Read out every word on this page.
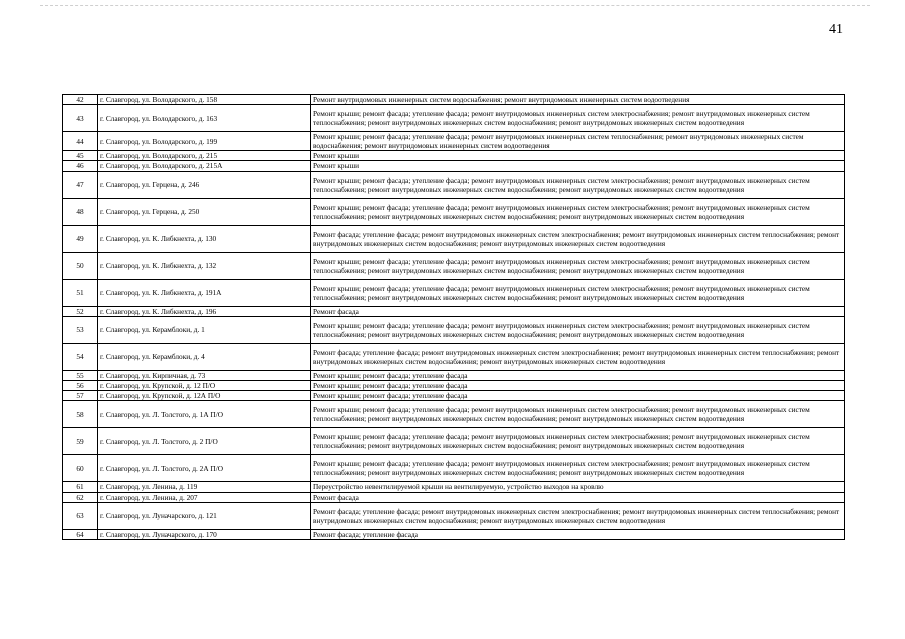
41
42	г. Славгород, ул. Володарского, д. 158	Ремонт внутридомовых инженерных систем водоснабжения; ремонт внутридомовых инженерных систем водоотведения
43	г. Славгород, ул. Володарского, д. 163	Ремонт крыши; ремонт фасада; утепление фасада; ремонт внутридомовых инженерных систем электроснабжения; ремонт внутридомовых инженерных систем теплоснабжения; ремонт внутридомовых инженерных систем водоснабжения; ремонт внутридомовых инженерных систем водоотведения
44	г. Славгород, ул. Володарского, д. 199	Ремонт крыши; ремонт фасада; утепление фасада; ремонт внутридомовых инженерных систем теплоснабжения; ремонт внутридомовых инженерных систем водоснабжения; ремонт внутридомовых инженерных систем водоотведения
45	г. Славгород, ул. Володарского, д. 215	Ремонт крыши
46	г. Славгород, ул. Володарского, д. 215А	Ремонт крыши
47	г. Славгород, ул. Герцена, д. 246	Ремонт крыши; ремонт фасада; утепление фасада; ремонт внутридомовых инженерных систем электроснабжения; ремонт внутридомовых инженерных систем теплоснабжения; ремонт внутридомовых инженерных систем водоснабжения; ремонт внутридомовых инженерных систем водоотведения
48	г. Славгород, ул. Герцена, д. 250	Ремонт крыши; ремонт фасада; утепление фасада; ремонт внутридомовых инженерных систем электроснабжения; ремонт внутридомовых инженерных систем теплоснабжения; ремонт внутридомовых инженерных систем водоснабжения; ремонт внутридомовых инженерных систем водоотведения
49	г. Славгород, ул. К. Либкнехта, д. 130	Ремонт фасада; утепление фасада; ремонт внутридомовых инженерных систем электроснабжения; ремонт внутридомовых инженерных систем теплоснабжения; ремонт внутридомовых инженерных систем водоснабжения; ремонт внутридомовых инженерных систем водоотведения
50	г. Славгород, ул. К. Либкнехта, д. 132	Ремонт крыши; ремонт фасада; утепление фасада; ремонт внутридомовых инженерных систем электроснабжения; ремонт внутридомовых инженерных систем теплоснабжения; ремонт внутридомовых инженерных систем водоснабжения; ремонт внутридомовых инженерных систем водоотведения
51	г. Славгород, ул. К. Либкнехта, д. 191А	Ремонт крыши; ремонт фасада; утепление фасада; ремонт внутридомовых инженерных систем электроснабжения; ремонт внутридомовых инженерных систем теплоснабжения; ремонт внутридомовых инженерных систем водоснабжения; ремонт внутридомовых инженерных систем водоотведения
52	г. Славгород, ул. К. Либкнехта, д. 196	Ремонт фасада
53	г. Славгород, ул. Керамблоки, д. 1	Ремонт крыши; ремонт фасада; утепление фасада; ремонт внутридомовых инженерных систем электроснабжения; ремонт внутридомовых инженерных систем теплоснабжения; ремонт внутридомовых инженерных систем водоснабжения; ремонт внутридомовых инженерных систем водоотведения
54	г. Славгород, ул. Керамблоки, д. 4	Ремонт фасада; утепление фасада; ремонт внутридомовых инженерных систем электроснабжения; ремонт внутридомовых инженерных систем теплоснабжения; ремонт внутридомовых инженерных систем водоснабжения; ремонт внутридомовых инженерных систем водоотведения
55	г. Славгород, ул. Кирпичная, д. 73	Ремонт крыши; ремонт фасада; утепление фасада
56	г. Славгород, ул. Крупской, д. 12 П/О	Ремонт крыши; ремонт фасада; утепление фасада
57	г. Славгород, ул. Крупской, д. 12А П/О	Ремонт крыши; ремонт фасада; утепление фасада
58	г. Славгород, ул. Л. Толстого, д. 1А П/О	Ремонт крыши; ремонт фасада; утепление фасада; ремонт внутридомовых инженерных систем электроснабжения; ремонт внутридомовых инженерных систем теплоснабжения; ремонт внутридомовых инженерных систем водоснабжения; ремонт внутридомовых инженерных систем водоотведения
59	г. Славгород, ул. Л. Толстого, д. 2 П/О	Ремонт крыши; ремонт фасада; утепление фасада; ремонт внутридомовых инженерных систем электроснабжения; ремонт внутридомовых инженерных систем теплоснабжения; ремонт внутридомовых инженерных систем водоснабжения; ремонт внутридомовых инженерных систем водоотведения
60	г. Славгород, ул. Л. Толстого, д. 2А П/О	Ремонт крыши; ремонт фасада; утепление фасада; ремонт внутридомовых инженерных систем электроснабжения; ремонт внутридомовых инженерных систем теплоснабжения; ремонт внутридомовых инженерных систем водоснабжения; ремонт внутридомовых инженерных систем водоотведения
61	г. Славгород, ул. Ленина, д. 119	Переустройство невентилируемой крыши на вентилируемую, устройство выходов на кровлю
62	г. Славгород, ул. Ленина, д. 207	Ремонт фасада
63	г. Славгород, ул. Луначарского, д. 121	Ремонт фасада; утепление фасада; ремонт внутридомовых инженерных систем электроснабжения; ремонт внутридомовых инженерных систем теплоснабжения; ремонт внутридомовых инженерных систем водоснабжения; ремонт внутридомовых инженерных систем водоотведения
64	г. Славгород, ул. Луначарского, д. 170	Ремонт фасада; утепление фасада
